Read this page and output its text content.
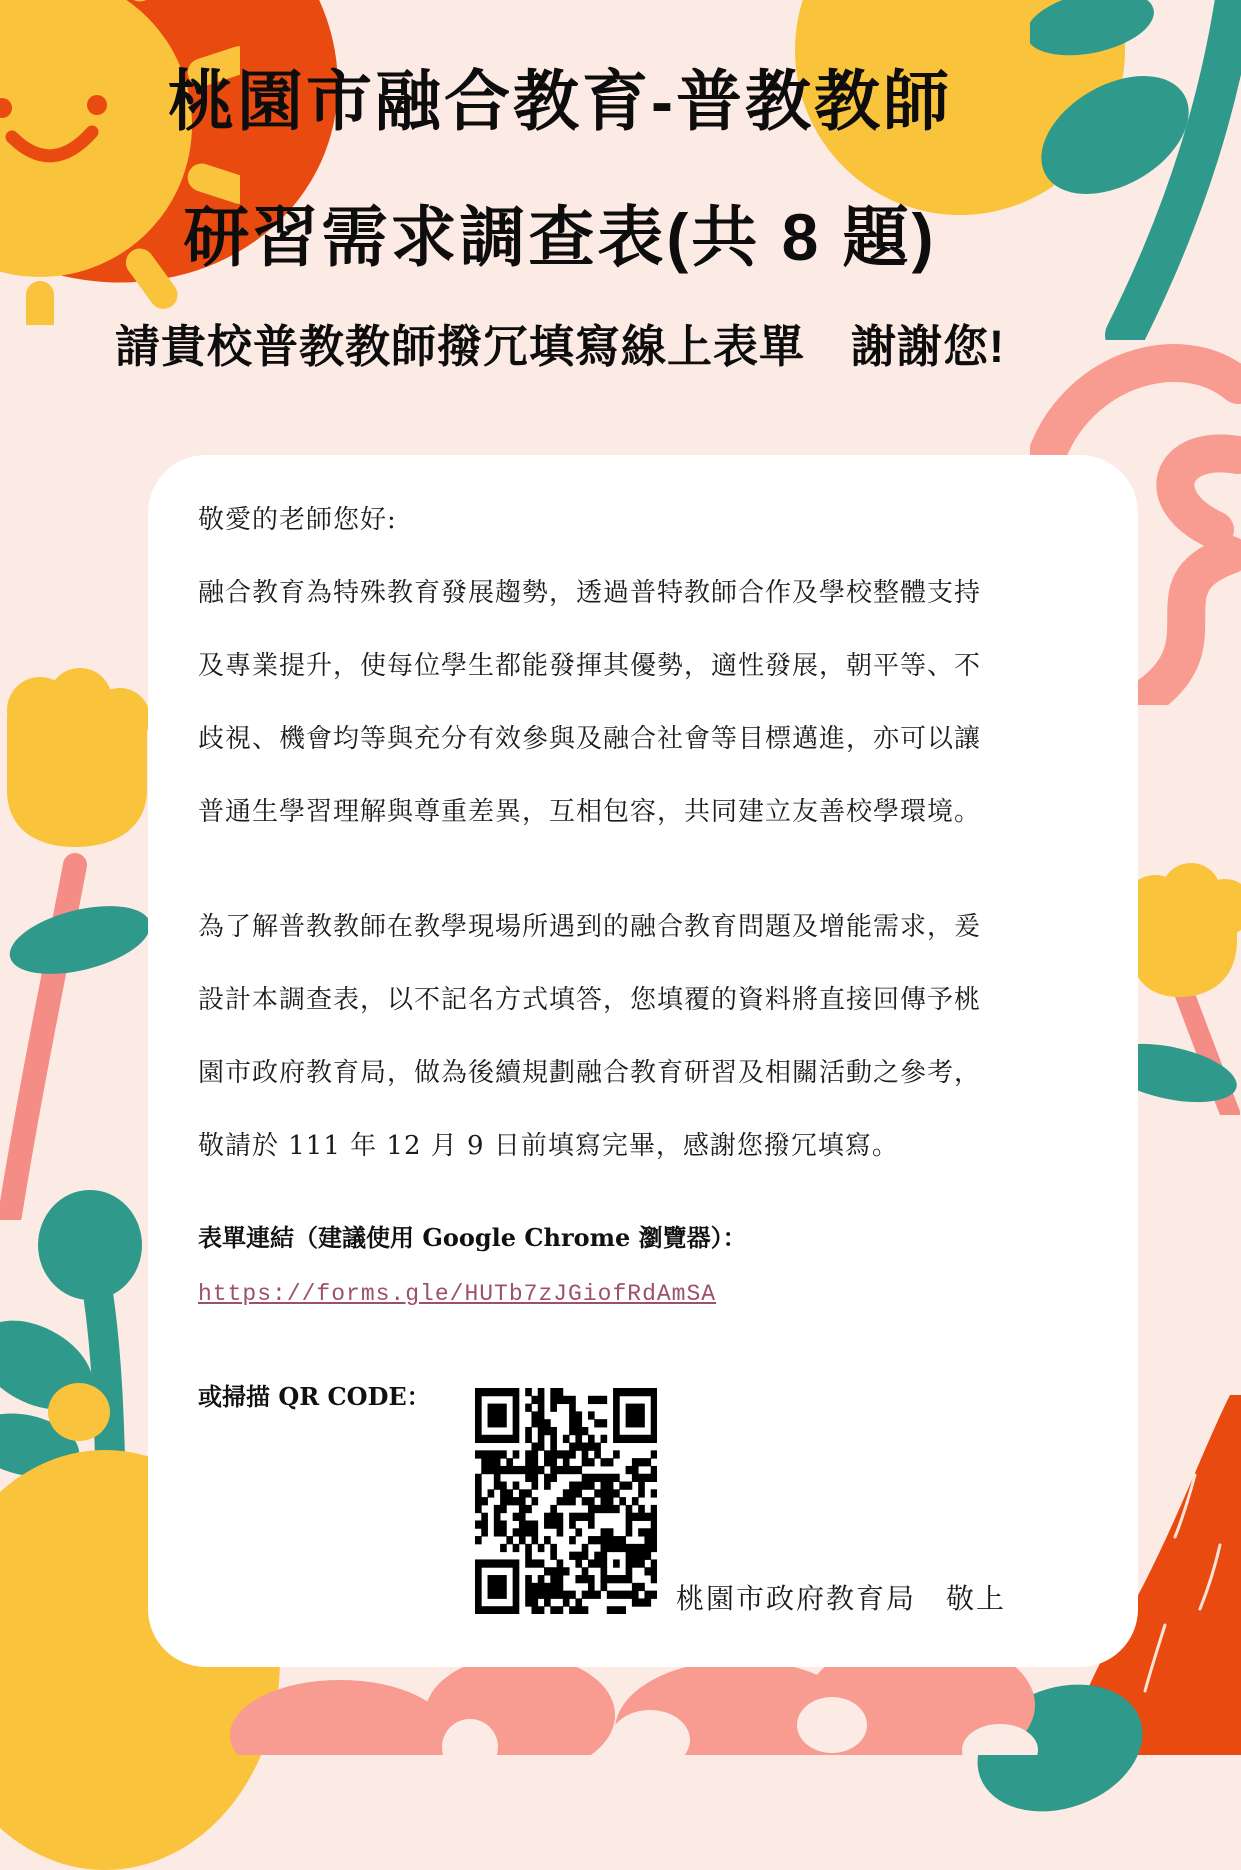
桃園市融合教育-普教教師
研習需求調查表(共 8 題)
請貴校普教教師撥冗填寫線上表單　謝謝您!
敬愛的老師您好:
融合教育為特殊教育發展趨勢，透過普特教師合作及學校整體支持
及專業提升，使每位學生都能發揮其優勢，適性發展，朝平等、不
歧視、機會均等與充分有效參與及融合社會等目標邁進，亦可以讓
普通生學習理解與尊重差異，互相包容，共同建立友善校學環境。
為了解普教教師在教學現場所遇到的融合教育問題及增能需求，爰
設計本調查表，以不記名方式填答，您填覆的資料將直接回傳予桃
園市政府教育局，做為後續規劃融合教育研習及相關活動之參考，
敬請於 111 年 12 月 9 日前填寫完畢，感謝您撥冗填寫。
表單連結（建議使用 Google Chrome 瀏覽器）：
https://forms.gle/HUTb7zJGiofRdAmSA
或掃描 QR CODE：
桃園市政府教育局　敬上
